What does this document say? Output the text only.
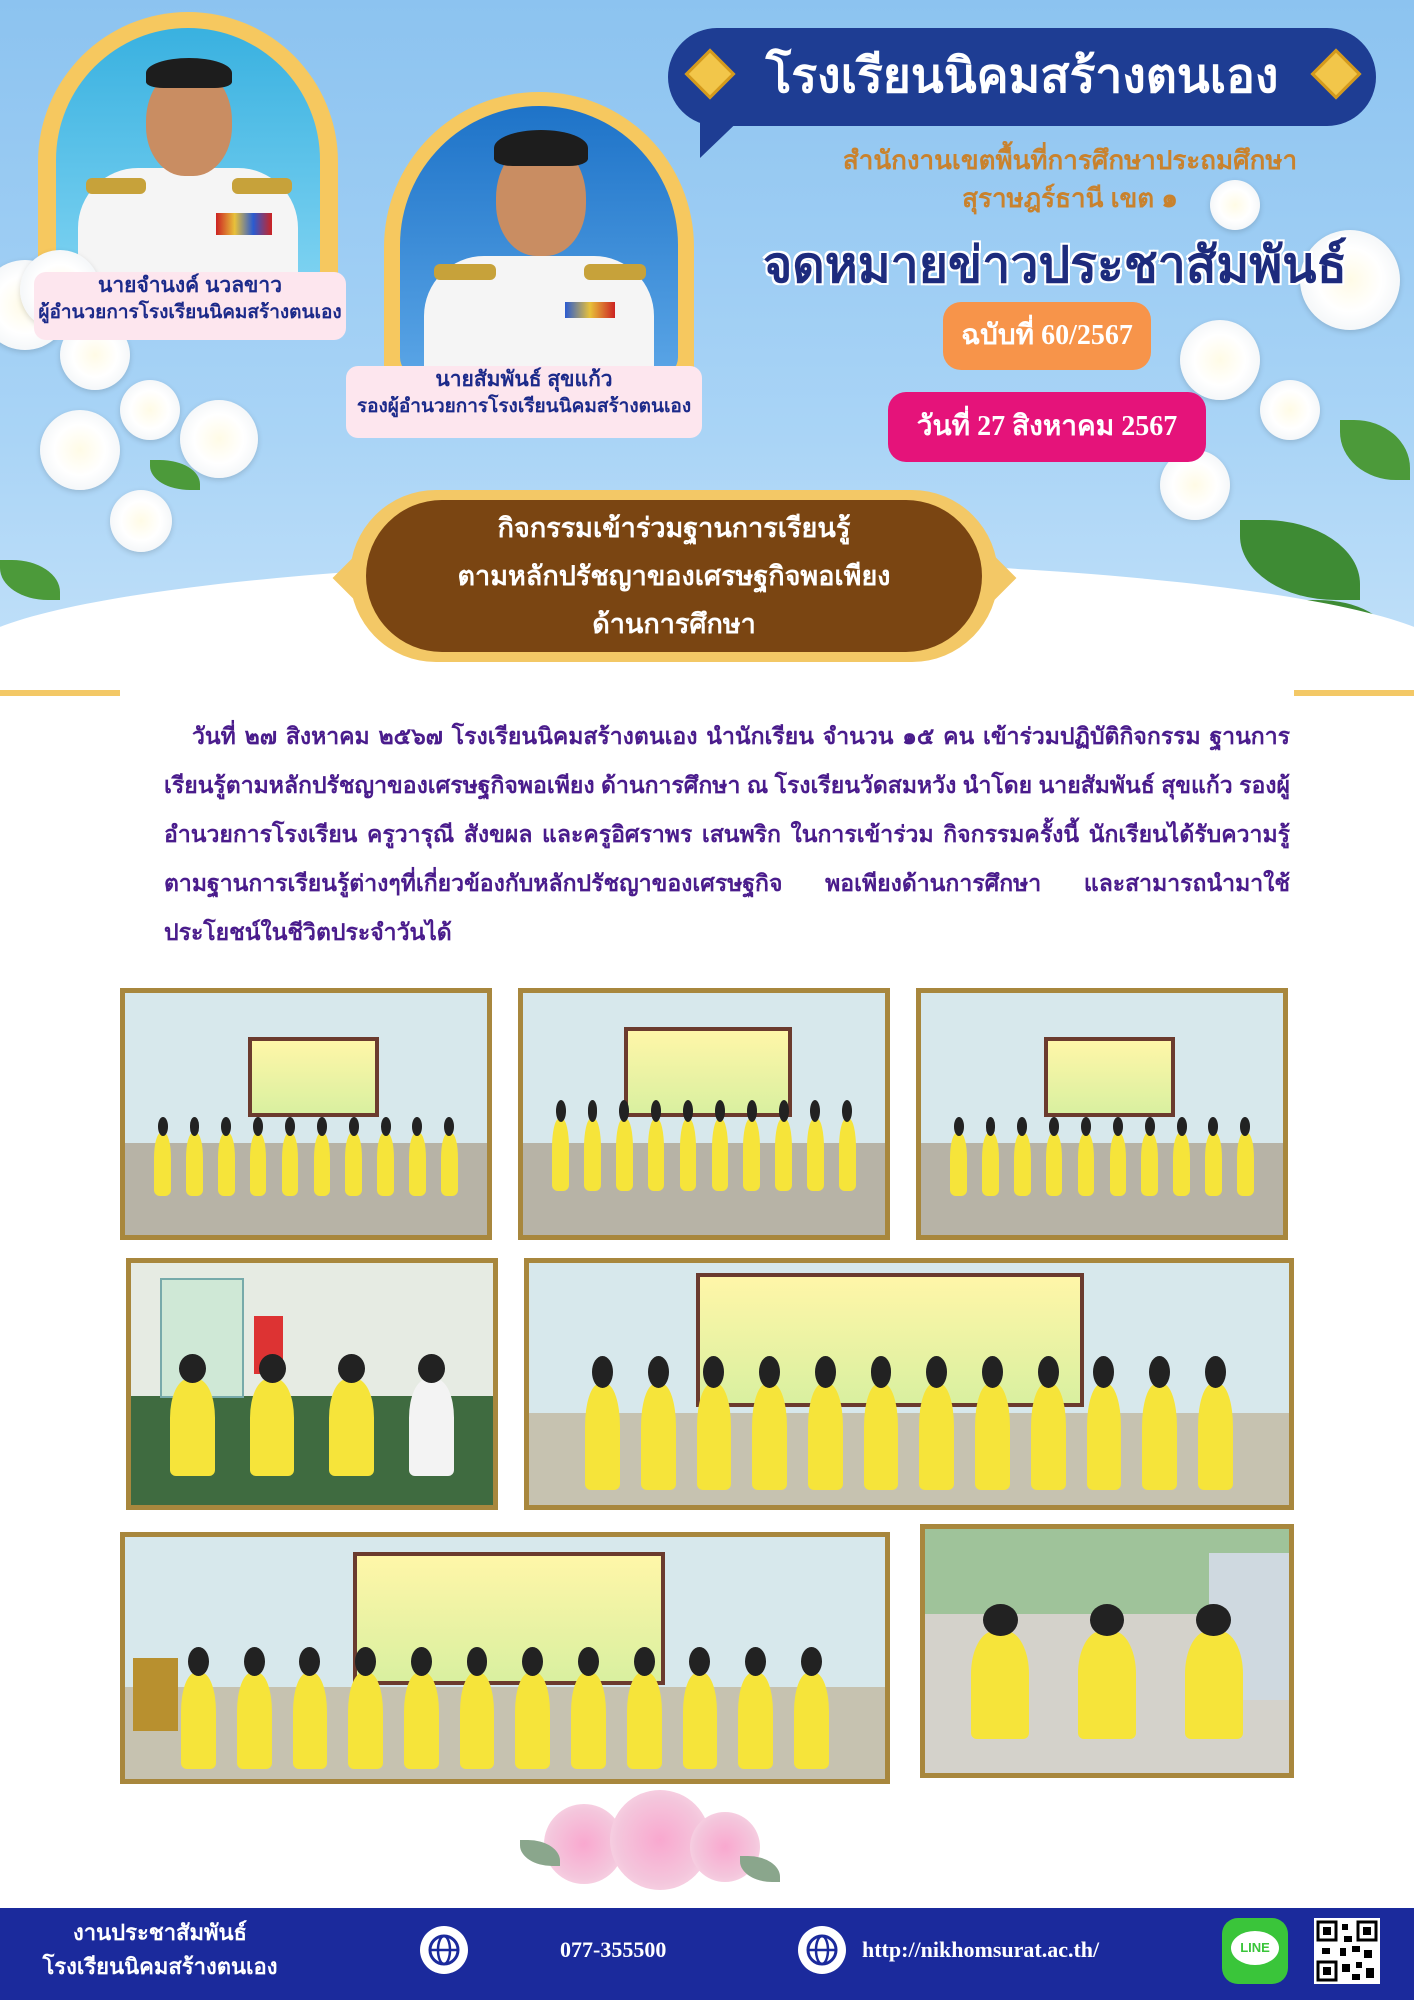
นายจำนงค์ นวลขาว
ผู้อำนวยการโรงเรียนนิคมสร้างตนเอง
นายสัมพันธ์ สุขแก้ว
รองผู้อำนวยการโรงเรียนนิคมสร้างตนเอง
โรงเรียนนิคมสร้างตนเอง
สำนักงานเขตพื้นที่การศึกษาประถมศึกษา
สุราษฎร์ธานี เขต ๑
จดหมายข่าวประชาสัมพันธ์
ฉบับที่ 60/2567
วันที่ 27 สิงหาคม 2567
กิจกรรมเข้าร่วมฐานการเรียนรู้
ตามหลักปรัชญาของเศรษฐกิจพอเพียง
ด้านการศึกษา
วันที่ ๒๗ สิงหาคม ๒๕๖๗ โรงเรียนนิคมสร้างตนเอง นำนักเรียน จำนวน ๑๕ คน เข้าร่วมปฏิบัติกิจกรรม ฐานการเรียนรู้ตามหลักปรัชญาของเศรษฐกิจพอเพียง ด้านการศึกษา ณ โรงเรียนวัดสมหวัง นำโดย นายสัมพันธ์ สุขแก้ว รองผู้อำนวยการโรงเรียน ครูวารุณี สังขผล และครูอิศราพร เสนพริก ในการเข้าร่วม กิจกรรมครั้งนี้ นักเรียนได้รับความรู้ตามฐานการเรียนรู้ต่างๆที่เกี่ยวข้องกับหลักปรัชญาของเศรษฐกิจ พอเพียงด้านการศึกษา และสามารถนำมาใช้ประโยชน์ในชีวิตประจำวันได้
งานประชาสัมพันธ์
โรงเรียนนิคมสร้างตนเอง
077-355500	http://nikhomsurat.ac.th/	LINE
